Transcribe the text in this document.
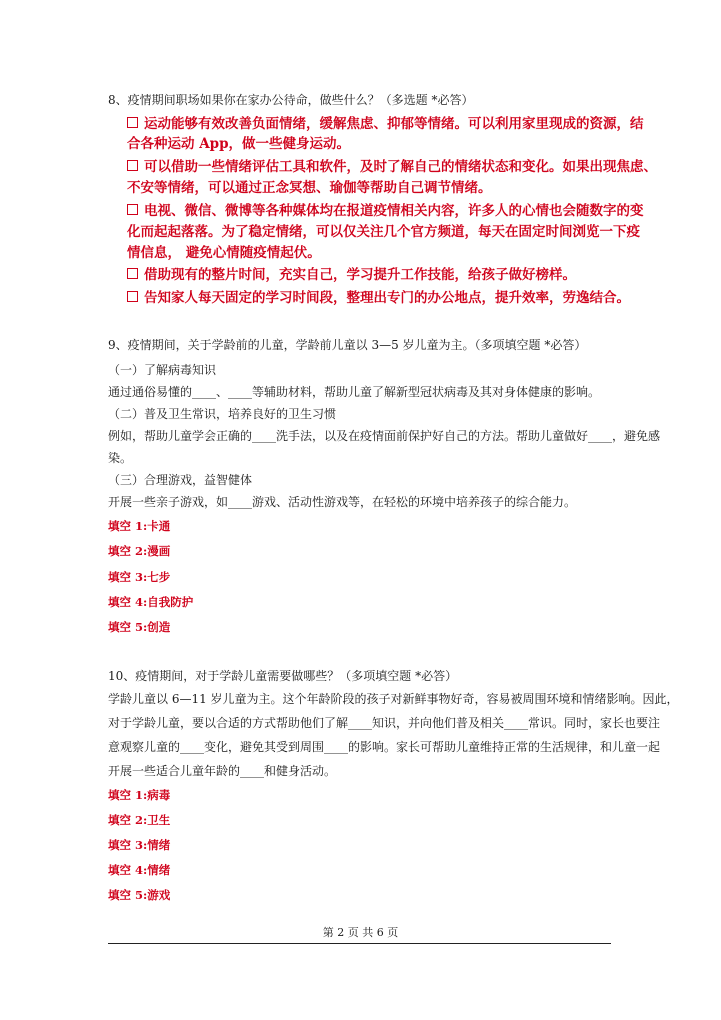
8、疫情期间职场如果你在家办公待命，做些什么？（多选题 *必答）
运动能够有效改善负面情绪，缓解焦虑、抑郁等情绪。可以利用家里现成的资源，结
合各种运动 App，做一些健身运动。
可以借助一些情绪评估工具和软件，及时了解自己的情绪状态和变化。如果出现焦虑、
不安等情绪，可以通过正念冥想、瑜伽等帮助自己调节情绪。
电视、微信、微博等各种媒体均在报道疫情相关内容，许多人的心情也会随数字的变
化而起起落落。为了稳定情绪，可以仅关注几个官方频道，每天在固定时间浏览一下疫
情信息， 避免心情随疫情起伏。
借助现有的整片时间，充实自己，学习提升工作技能，给孩子做好榜样。
告知家人每天固定的学习时间段，整理出专门的办公地点，提升效率，劳逸结合。
9、疫情期间，关于学龄前的儿童，学龄前儿童以 3—5 岁儿童为主。（多项填空题 *必答）
（一）了解病毒知识
通过通俗易懂的____、____等辅助材料，帮助儿童了解新型冠状病毒及其对身体健康的影响。
（二）普及卫生常识，培养良好的卫生习惯
例如，帮助儿童学会正确的____洗手法，以及在疫情面前保护好自己的方法。帮助儿童做好____，避免感
染。
（三）合理游戏，益智健体
开展一些亲子游戏，如____游戏、活动性游戏等，在轻松的环境中培养孩子的综合能力。
填空 1:卡通
填空 2:漫画
填空 3:七步
填空 4:自我防护
填空 5:创造
10、疫情期间，对于学龄儿童需要做哪些？（多项填空题 *必答）
学龄儿童以 6—11 岁儿童为主。这个年龄阶段的孩子对新鲜事物好奇，容易被周围环境和情绪影响。因此，
对于学龄儿童，要以合适的方式帮助他们了解____知识，并向他们普及相关____常识。同时，家长也要注
意观察儿童的____变化，避免其受到周围____的影响。家长可帮助儿童维持正常的生活规律，和儿童一起
开展一些适合儿童年龄的____和健身活动。
填空 1:病毒
填空 2:卫生
填空 3:情绪
填空 4:情绪
填空 5:游戏
第 2 页 共 6 页
